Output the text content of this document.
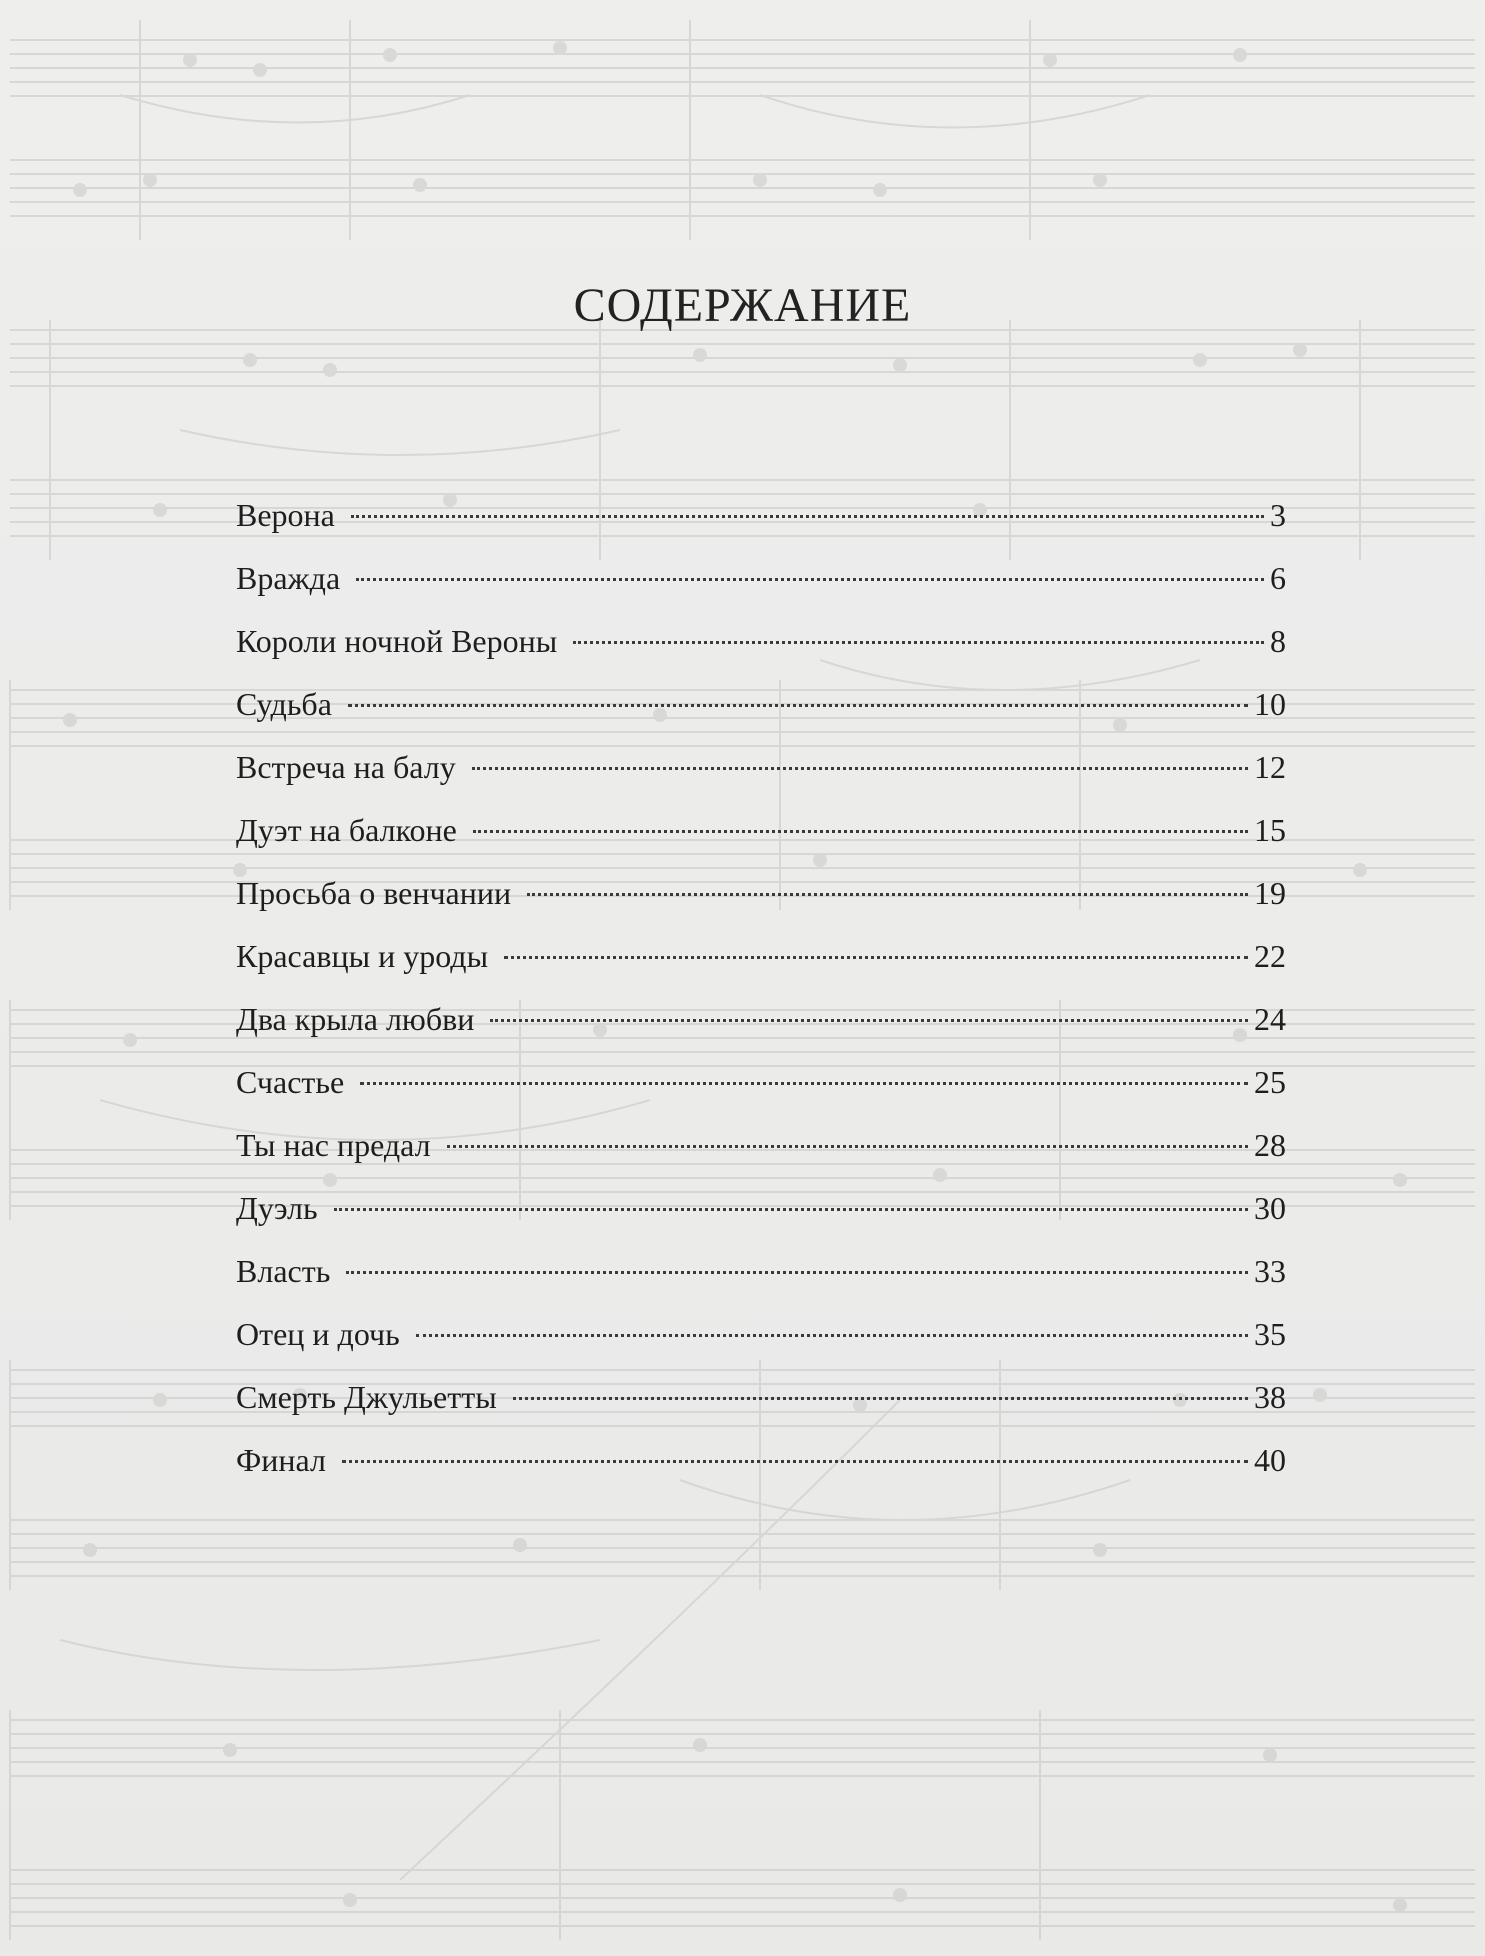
СОДЕРЖАНИЕ
Верона	3
Вражда	6
Короли ночной Вероны	8
Судьба	10
Встреча на балу	12
Дуэт на балконе	15
Просьба о венчании	19
Красавцы и уроды	22
Два крыла любви	24
Счастье	25
Ты нас предал	28
Дуэль	30
Власть	33
Отец и дочь	35
Смерть Джульетты	38
Финал	40
